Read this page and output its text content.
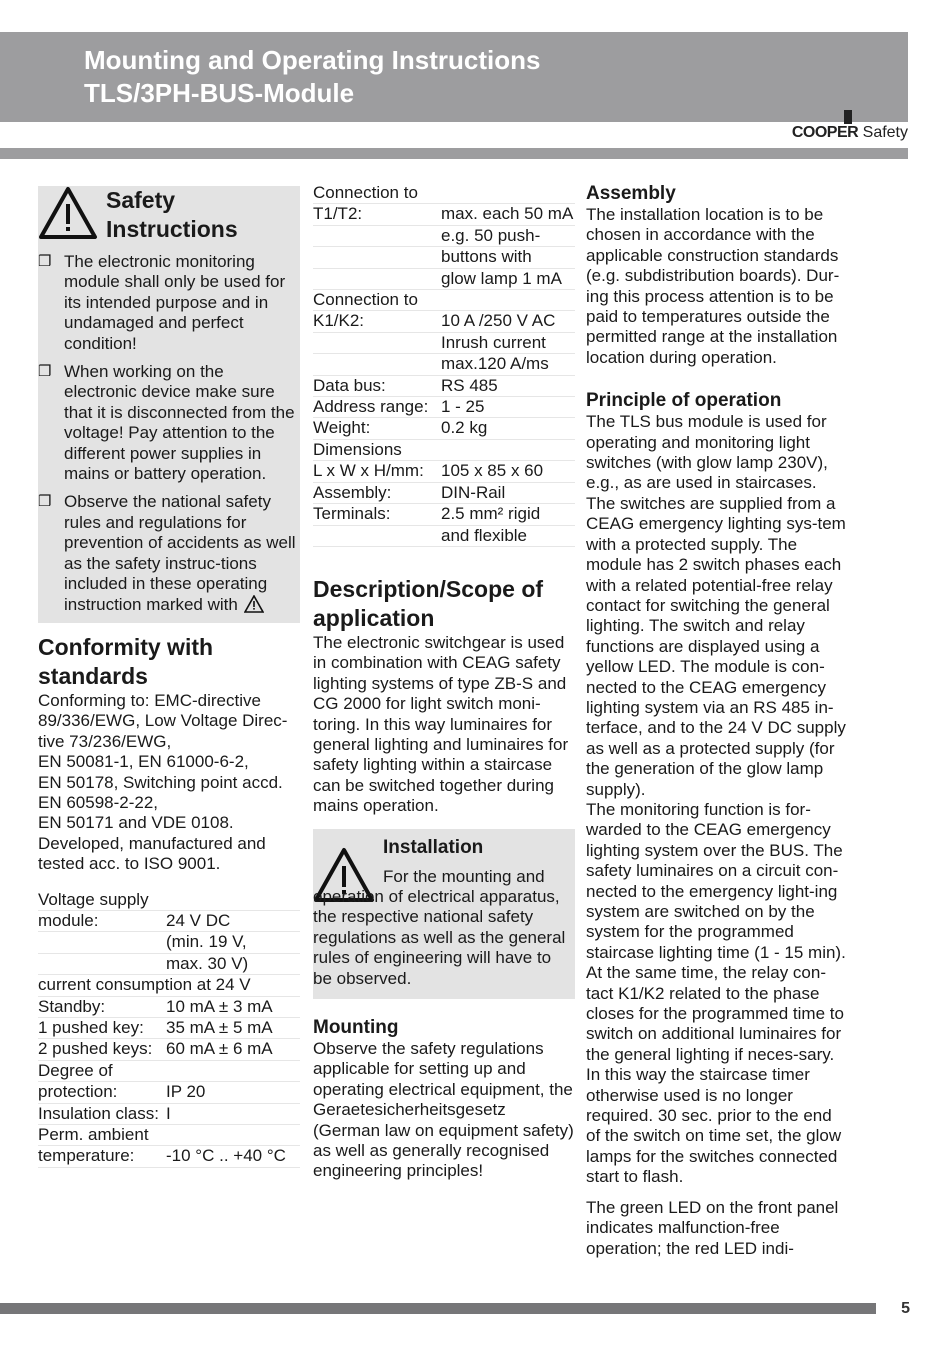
Mounting and Operating Instructions
TLS/3PH-BUS-Module
COOPER Safety
Safety
Instructions
❒ The electronic monitoring module shall only be used for its intended purpose and in undamaged and perfect condition!
❒ When working on the electronic device make sure that it is disconnected from the voltage! Pay attention to the different power supplies in mains or battery operation.
❒ Observe the national safety rules and regulations for prevention of accidents as well as the safety instruc-tions included in these operating instruction marked with
Conformity with standards
Conforming to: EMC-directive
89/336/EWG, Low Voltage Direc-
tive 73/236/EWG,
EN 50081-1, EN 61000-6-2,
EN 50178, Switching point accd.
EN 60598-2-22,
EN 50171 and VDE 0108.
Developed, manufactured and
tested acc. to ISO 9001.
Voltage supply	
module:	24 V DC
	(min. 19 V,
	max. 30 V)
current consumption at 24 V	
Standby:	10 mA ± 3 mA
1 pushed key:	35 mA ± 5 mA
2 pushed keys:	60 mA ± 6 mA
Degree of	
protection:	IP 20
Insulation class:	I
Perm. ambient	
temperature:	-10 °C .. +40 °C
Connection to	
T1/T2:	max. each 50 mA
	e.g. 50 push-
	buttons with
	glow lamp 1 mA
Connection to	
K1/K2:	10 A /250 V AC
	Inrush current
	max.120 A/ms
Data bus:	RS 485
Address range:	1 - 25
Weight:	0.2 kg
Dimensions	
L x W x H/mm:	105 x 85 x 60
Assembly:	DIN-Rail
Terminals:	2.5 mm² rigid
	and flexible
Description/Scope of application

The electronic switchgear is used in combination with CEAG safety lighting systems of type ZB-S and CG 2000 for light switch moni-toring. In this way luminaires for general lighting and luminaires for safety lighting within a staircase can be switched together during mains operation.

Installation

For the mounting and operation of electrical apparatus, the respective national safety regulations as well as the general rules of engineering will have to be observed.

Mounting

Observe the safety regulations applicable for setting up and operating electrical equipment, the Geraetesicherheitsgesetz (German law on equipment safety) as well as generally recognised engineering principles!

Assembly

The installation location is to be chosen in accordance with the applicable construction standards (e.g. subdistribution boards). Dur-ing this process attention is to be paid to temperatures outside the permitted range at the installation location during operation.

Principle of operation

The TLS bus module is used for operating and monitoring light switches (with glow lamp 230V), e.g., as are used in staircases. The switches are supplied from a CEAG emergency lighting sys-tem with a protected supply. The module has 2 switch phases each with a related potential-free relay contact for switching the general lighting. The switch and relay functions are displayed using a yellow LED. The module is con-nected to the CEAG emergency lighting system via an RS 485 in-terface, and to the 24 V DC supply as well as a protected supply (for the generation of the glow lamp supply).

The monitoring function is for-warded to the CEAG emergency lighting system over the BUS. The safety luminaires on a circuit con-nected to the emergency light-ing system are switched on by the system for the programmed staircase lighting time (1 - 15 min). At the same time, the relay con-tact K1/K2 related to the phase closes for the programmed time to switch on additional luminaires for the general lighting if neces-sary. In this way the staircase timer otherwise used is no longer required. 30 sec. prior to the end of the switch on time set, the glow lamps for the switches connected start to flash.

The green LED on the front panel indicates malfunction-free operation; the red LED indi-

5
